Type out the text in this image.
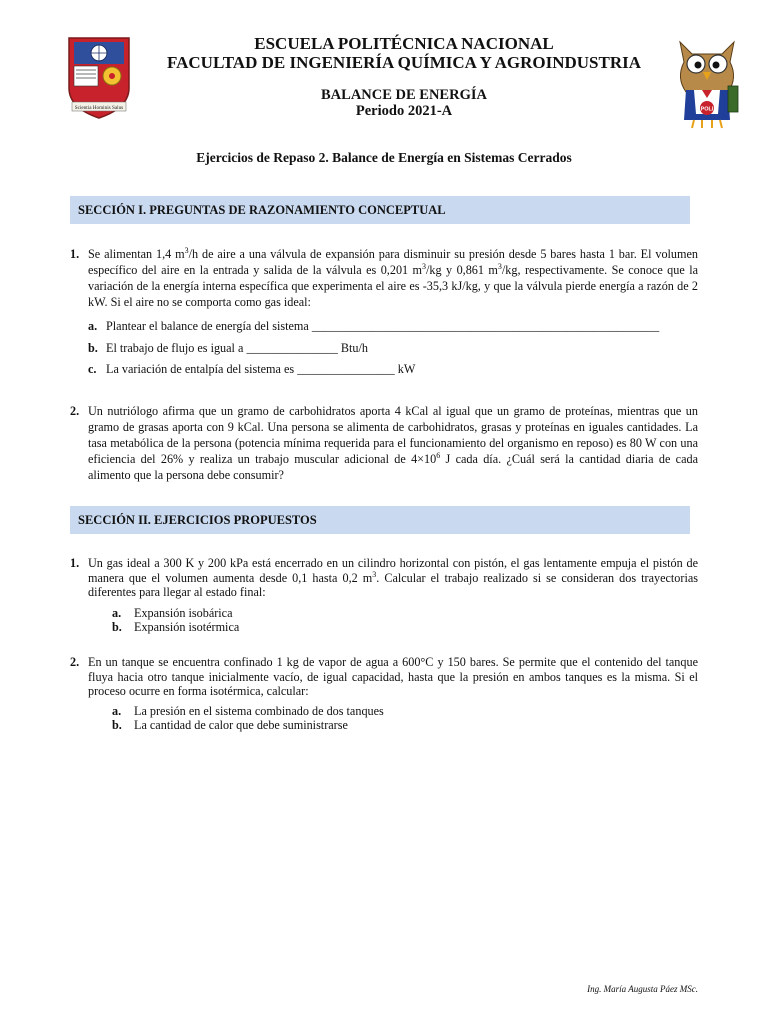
Scientia Hominis Salus	POLI
ESCUELA POLITÉCNICA NACIONAL
FACULTAD DE INGENIERÍA QUÍMICA Y AGROINDUSTRIA
BALANCE DE ENERGÍA
Periodo 2021-A
Ejercicios de Repaso 2. Balance de Energía en Sistemas Cerrados
SECCIÓN I. PREGUNTAS DE RAZONAMIENTO CONCEPTUAL
1. Se alimentan 1,4 $m^3/h$ de aire a una válvula de expansión para disminuir su presión desde 5 bares hasta 1 bar. El volumen específico del aire en la entrada y salida de la válvula es 0,201 $m^3/kg$ y 0,861 $m^3/kg$, respectivamente. Se conoce que la variación de la energía interna específica que experimenta el aire es -35,3 kJ/kg, y que la válvula pierde energía a razón de 2 kW. Si el aire no se comporta como gas ideal:
a. Plantear el balance de energía del sistema _________________________________________________________
b. El trabajo de flujo es igual a _______________ Btu/h
c. La variación de entalpía del sistema es ________________ kW
2. Un nutriólogo afirma que un gramo de carbohidratos aporta 4 kCal al igual que un gramo de proteínas, mientras que un gramo de grasas aporta con 9 kCal. Una persona se alimenta de carbohidratos, grasas y proteínas en iguales cantidades. La tasa metabólica de la persona (potencia mínima requerida para el funcionamiento del organismo en reposo) es 80 W con una eficiencia del 26% y realiza un trabajo muscular adicional de $4\times 10^6$ J cada día. ¿Cuál será la cantidad diaria de cada alimento que la persona debe consumir?
SECCIÓN II. EJERCICIOS PROPUESTOS
1. Un gas ideal a 300 K y 200 kPa está encerrado en un cilindro horizontal con pistón, el gas lentamente empuja el pistón de manera que el volumen aumenta desde 0,1 hasta 0,2 $m^3$. Calcular el trabajo realizado si se consideran dos trayectorias diferentes para llegar al estado final:
a. Expansión isobárica
b. Expansión isotérmica
2. En un tanque se encuentra confinado 1 kg de vapor de agua a 600°C y 150 bares. Se permite que el contenido del tanque fluya hacia otro tanque inicialmente vacío, de igual capacidad, hasta que la presión en ambos tanques es la misma. Si el proceso ocurre en forma isotérmica, calcular:
a. La presión en el sistema combinado de dos tanques
b. La cantidad de calor que debe suministrarse
Ing. María Augusta Páez MSc.
